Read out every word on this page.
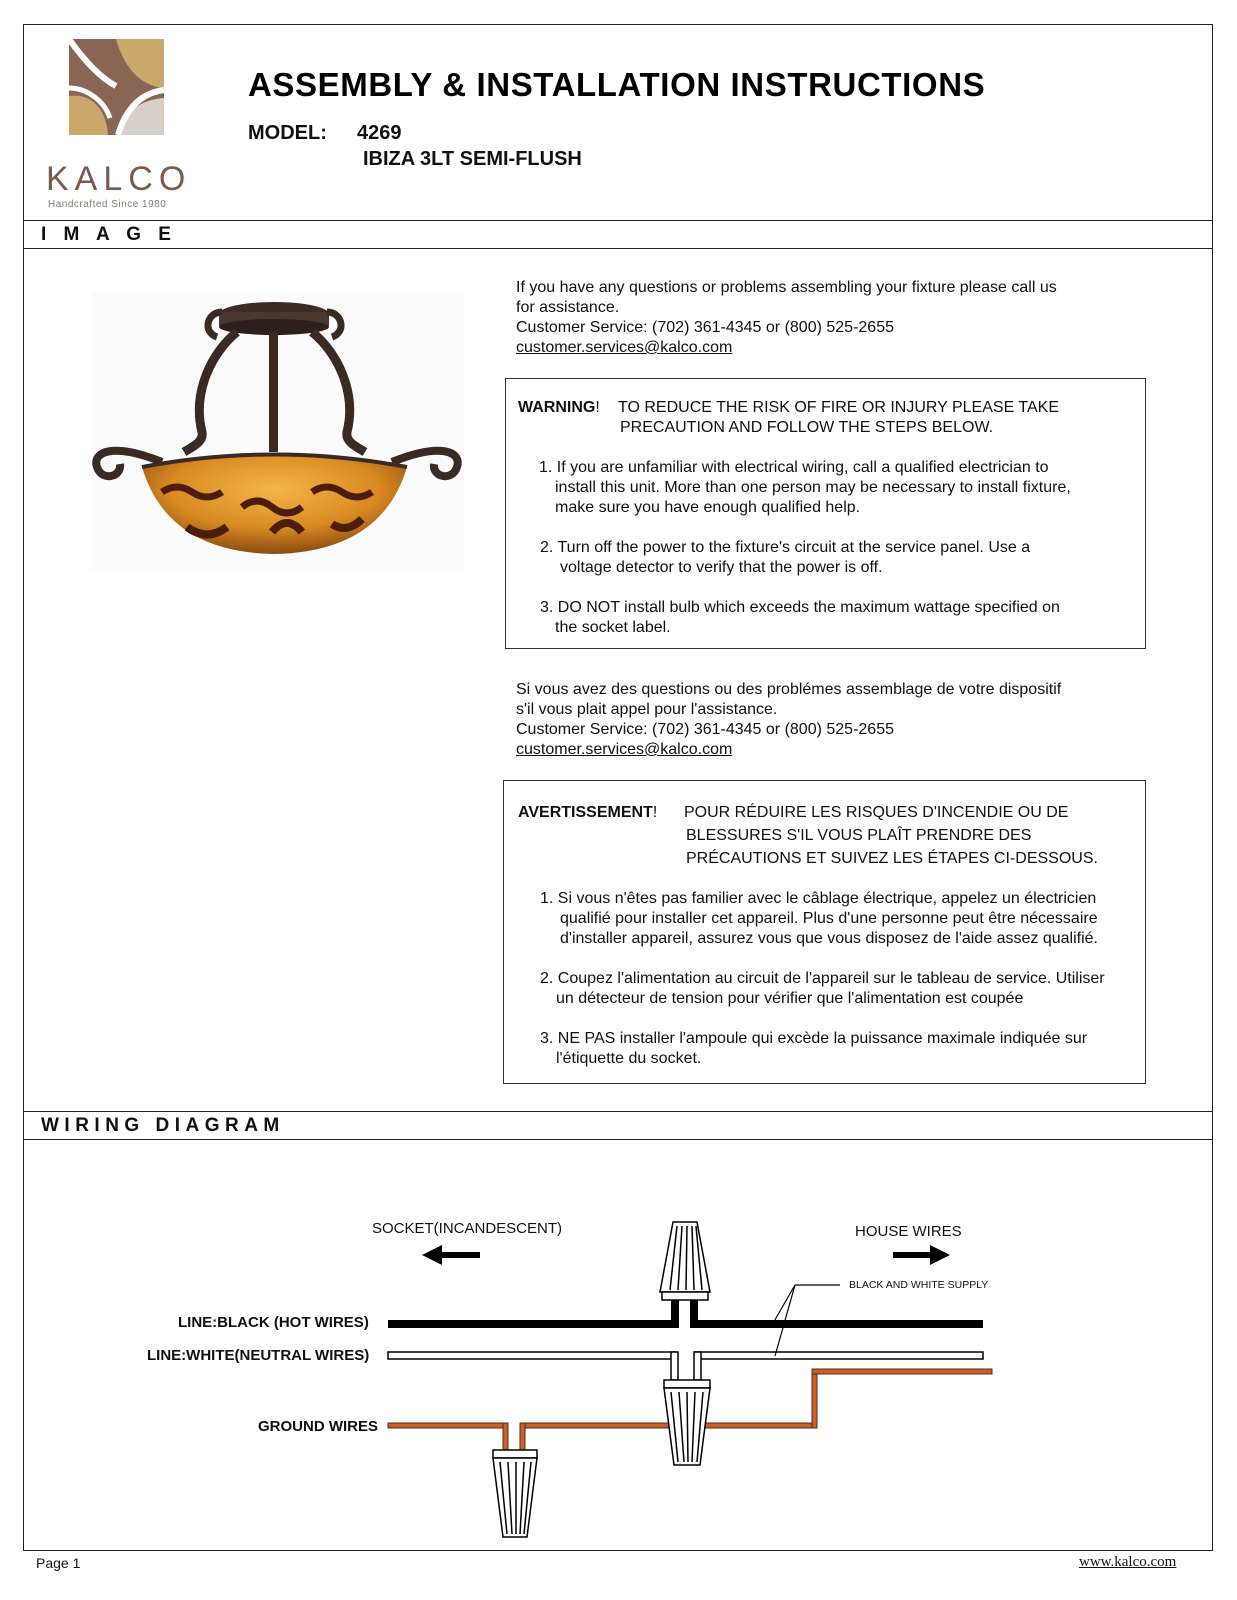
KALCO
Handcrafted Since 1980
ASSEMBLY & INSTALLATION INSTRUCTIONS
MODEL: 4269
IBIZA 3LT SEMI-FLUSH
I M A G E
If you have any questions or problems assembling your fixture please call us
for assistance.
Customer Service: (702) 361-4345 or (800) 525-2655
customer.services@kalco.com
WARNING! TO REDUCE THE RISK OF FIRE OR INJURY PLEASE TAKE
PRECAUTION AND FOLLOW THE STEPS BELOW.
1. If you are unfamiliar with electrical wiring, call a qualified electrician to
install this unit. More than one person may be necessary to install fixture,
make sure you have enough qualified help.
2. Turn off the power to the fixture's circuit at the service panel. Use a
voltage detector to verify that the power is off.
3. DO NOT install bulb which exceeds the maximum wattage specified on
the socket label.
Si vous avez des questions ou des problémes assemblage de votre dispositif
s'il vous plait appel pour l'assistance.
Customer Service: (702) 361-4345 or (800) 525-2655
customer.services@kalco.com
AVERTISSEMENT! POUR RÉDUIRE LES RISQUES D'INCENDIE OU DE
BLESSURES S'IL VOUS PLAÎT PRENDRE DES
PRÉCAUTIONS ET SUIVEZ LES ÉTAPES CI-DESSOUS.
1. Si vous n'êtes pas familier avec le câblage électrique, appelez un électricien
qualifié pour installer cet appareil. Plus d'une personne peut être nécessaire
d'installer appareil, assurez vous que vous disposez de l'aide assez qualifié.
2. Coupez l'alimentation au circuit de l'appareil sur le tableau de service. Utiliser
un détecteur de tension pour vérifier que l'alimentation est coupée
3. NE PAS installer l'ampoule qui excède la puissance maximale indiquée sur
l'étiquette du socket.
WIRING DIAGRAM
SOCKET(INCANDESCENT)	HOUSE WIRES
BLACK AND WHITE SUPPLY
LINE:BLACK (HOT WIRES)
LINE:WHITE(NEUTRAL WIRES)
GROUND WIRES
Page 1	www.kalco.com
